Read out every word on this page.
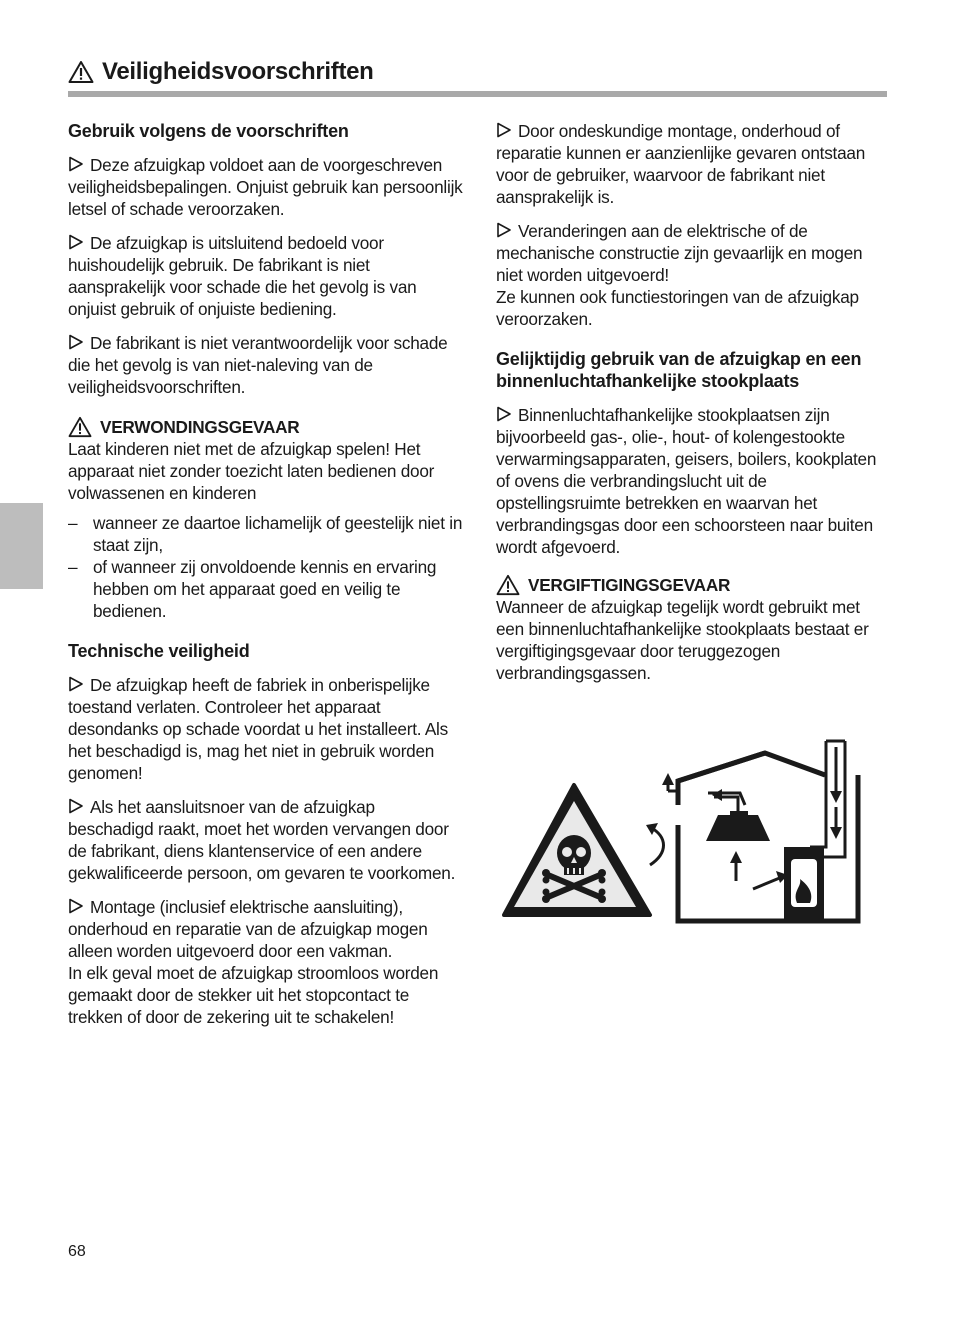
Veiligheidsvoorschriften
Gebruik volgens de voorschriften

Deze afzuigkap voldoet aan de voorgeschreven veiligheidsbepalingen. Onjuist gebruik kan persoonlijk letsel of schade veroorzaken.

De afzuigkap is uitsluitend bedoeld voor huishoudelijk gebruik. De fabrikant is niet aansprakelijk voor schade die het gevolg is van onjuist gebruik of onjuiste bediening.

De fabrikant is niet verantwoordelijk voor schade die het gevolg is van niet-naleving van de veiligheidsvoorschriften.

VERWONDINGSGEVAAR

Laat kinderen niet met de afzuigkap spelen! Het apparaat niet zonder toezicht laten bedienen door volwassenen en kinderen

– wanneer ze daartoe lichamelijk of geestelijk niet in staat zijn,
– of wanneer zij onvoldoende kennis en ervaring hebben om het apparaat goed en veilig te bedienen.
Technische veiligheid

De afzuigkap heeft de fabriek in onberispelijke toestand verlaten. Controleer het apparaat desondanks op schade voordat u het installeert. Als het beschadigd is, mag het niet in gebruik worden genomen!

Als het aansluitsnoer van de afzuigkap beschadigd raakt, moet het worden vervangen door de fabrikant, diens klantenservice of een andere gekwalificeerde persoon, om gevaren te voorkomen.

Montage (inclusief elektrische aansluiting), onderhoud en reparatie van de afzuigkap mogen alleen worden uitgevoerd door een vakman.

In elk geval moet de afzuigkap stroomloos worden gemaakt door de stekker uit het stopcontact te trekken of door de zekering uit te schakelen!

Door ondeskundige montage, onderhoud of reparatie kunnen er aanzienlijke gevaren ontstaan voor de gebruiker, waarvoor de fabrikant niet aansprakelijk is.

Veranderingen aan de elektrische of de mechanische constructie zijn gevaarlijk en mogen niet worden uitgevoerd!

Ze kunnen ook functiestoringen van de afzuigkap veroorzaken.

Gelijktijdig gebruik van de afzuigkap en een binnenluchtafhankelijke stookplaats

Binnenluchtafhankelijke stookplaatsen zijn bijvoorbeeld gas-, olie-, hout- of kolengestookte verwarmingsapparaten, geisers, boilers, kookplaten of ovens die verbrandingslucht uit de opstellingsruimte betrekken en waarvan het verbrandingsgas door een schoorsteen naar buiten wordt afgevoerd.

VERGIFTIGINGSGEVAAR

Wanneer de afzuigkap tegelijk wordt gebruikt met een binnenluchtafhankelijke stookplaats bestaat er vergiftigingsgevaar door teruggezogen verbrandingsgassen.

68
